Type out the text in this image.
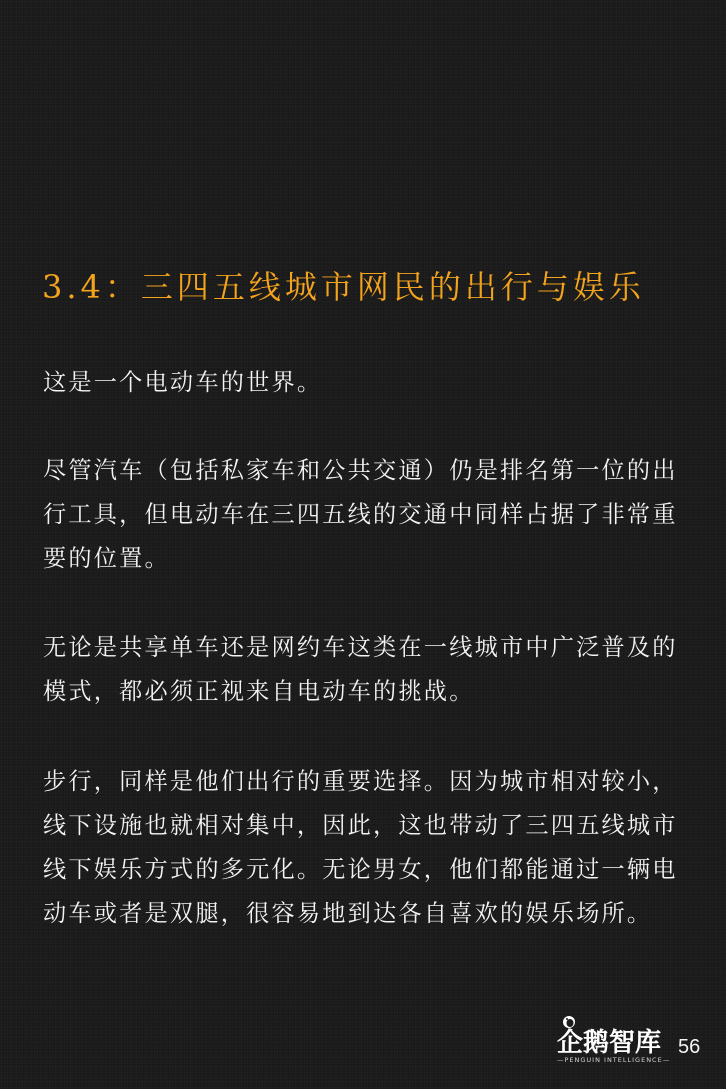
3.4：三四五线城市网民的出行与娱乐
这是一个电动车的世界。
尽管汽车（包括私家车和公共交通）仍是排名第一位的出行工具，但电动车在三四五线的交通中同样占据了非常重要的位置。
无论是共享单车还是网约车这类在一线城市中广泛普及的模式，都必须正视来自电动车的挑战。
步行，同样是他们出行的重要选择。因为城市相对较小，线下设施也就相对集中，因此，这也带动了三四五线城市线下娱乐方式的多元化。无论男女，他们都能通过一辆电动车或者是双腿，很容易地到达各自喜欢的娱乐场所。
企鹅智库
—PENGUIN INTELLIGENCE—
56
